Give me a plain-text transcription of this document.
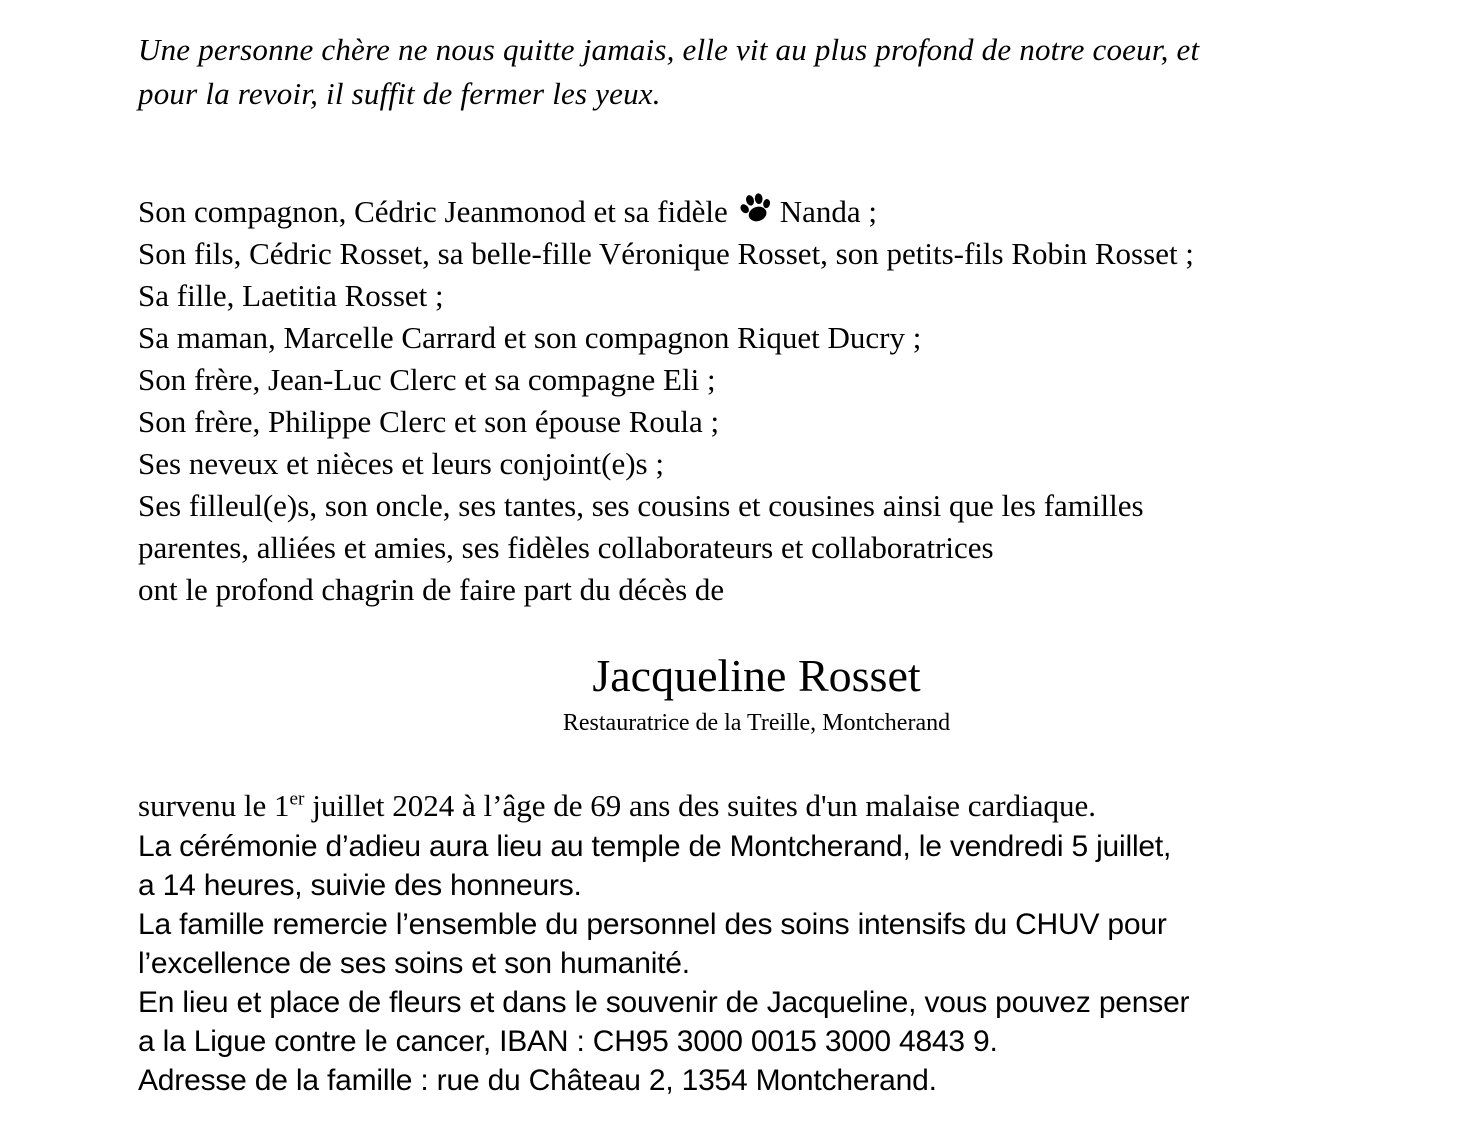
Une personne chère ne nous quitte jamais, elle vit au plus profond de notre coeur, et
pour la revoir, il suffit de fermer les yeux.
Son compagnon, Cédric Jeanmonod et sa fidèle Nanda ;
Son fils, Cédric Rosset, sa belle-fille Véronique Rosset, son petits-fils Robin Rosset ;
Sa fille, Laetitia Rosset ;
Sa maman, Marcelle Carrard et son compagnon Riquet Ducry ;
Son frère, Jean-Luc Clerc et sa compagne Eli ;
Son frère, Philippe Clerc et son épouse Roula ;
Ses neveux et nièces et leurs conjoint(e)s ;
Ses filleul(e)s, son oncle, ses tantes, ses cousins et cousines ainsi que les familles
parentes, alliées et amies, ses fidèles collaborateurs et collaboratrices
ont le profond chagrin de faire part du décès de
Jacqueline Rosset
Restauratrice de la Treille, Montcherand
survenu le 1er juillet 2024 à l’âge de 69 ans des suites d'un malaise cardiaque.
La cérémonie d’adieu aura lieu au temple de Montcherand, le vendredi 5 juillet,
a 14 heures, suivie des honneurs.
La famille remercie l’ensemble du personnel des soins intensifs du CHUV pour
l’excellence de ses soins et son humanité.
En lieu et place de fleurs et dans le souvenir de Jacqueline, vous pouvez penser
a la Ligue contre le cancer, IBAN : CH95 3000 0015 3000 4843 9.
Adresse de la famille : rue du Château 2, 1354 Montcherand.
